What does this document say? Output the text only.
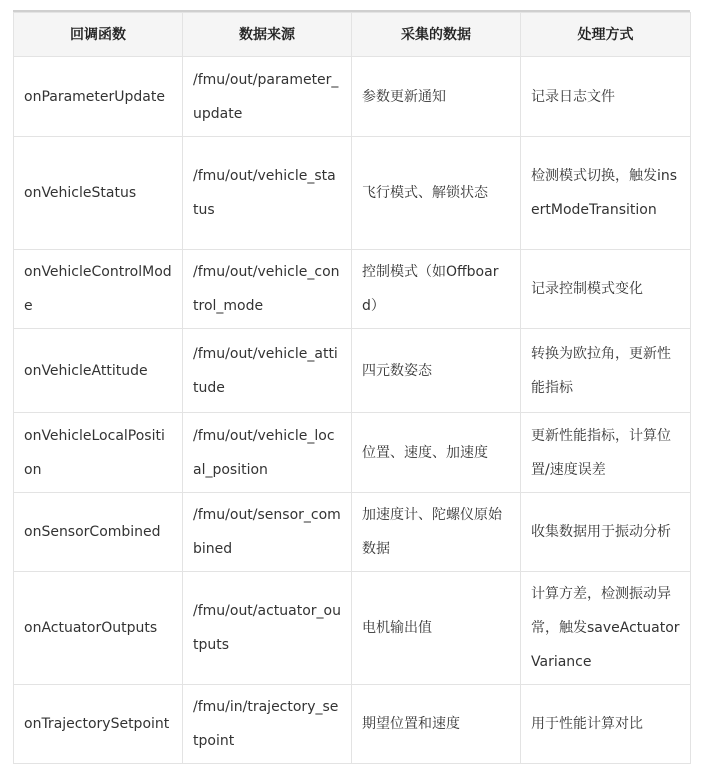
回调函数	数据来源	采集的数据	处理方式
onParameterUpdate	/fmu/out/parameter_update	参数更新通知	记录日志文件
onVehicleStatus	/fmu/out/vehicle_status	飞行模式、解锁状态	检测模式切换，触发insertModeTransition
onVehicleControlMode	/fmu/out/vehicle_control_mode	控制模式（如Offboard）	记录控制模式变化
onVehicleAttitude	/fmu/out/vehicle_attitude	四元数姿态	转换为欧拉角，更新性能指标
onVehicleLocalPosition	/fmu/out/vehicle_local_position	位置、速度、加速度	更新性能指标，计算位置/速度误差
onSensorCombined	/fmu/out/sensor_combined	加速度计、陀螺仪原始数据	收集数据用于振动分析
onActuatorOutputs	/fmu/out/actuator_outputs	电机输出值	计算方差，检测振动异常，触发saveActuatorVariance
onTrajectorySetpoint	/fmu/in/trajectory_setpoint	期望位置和速度	用于性能计算对比
